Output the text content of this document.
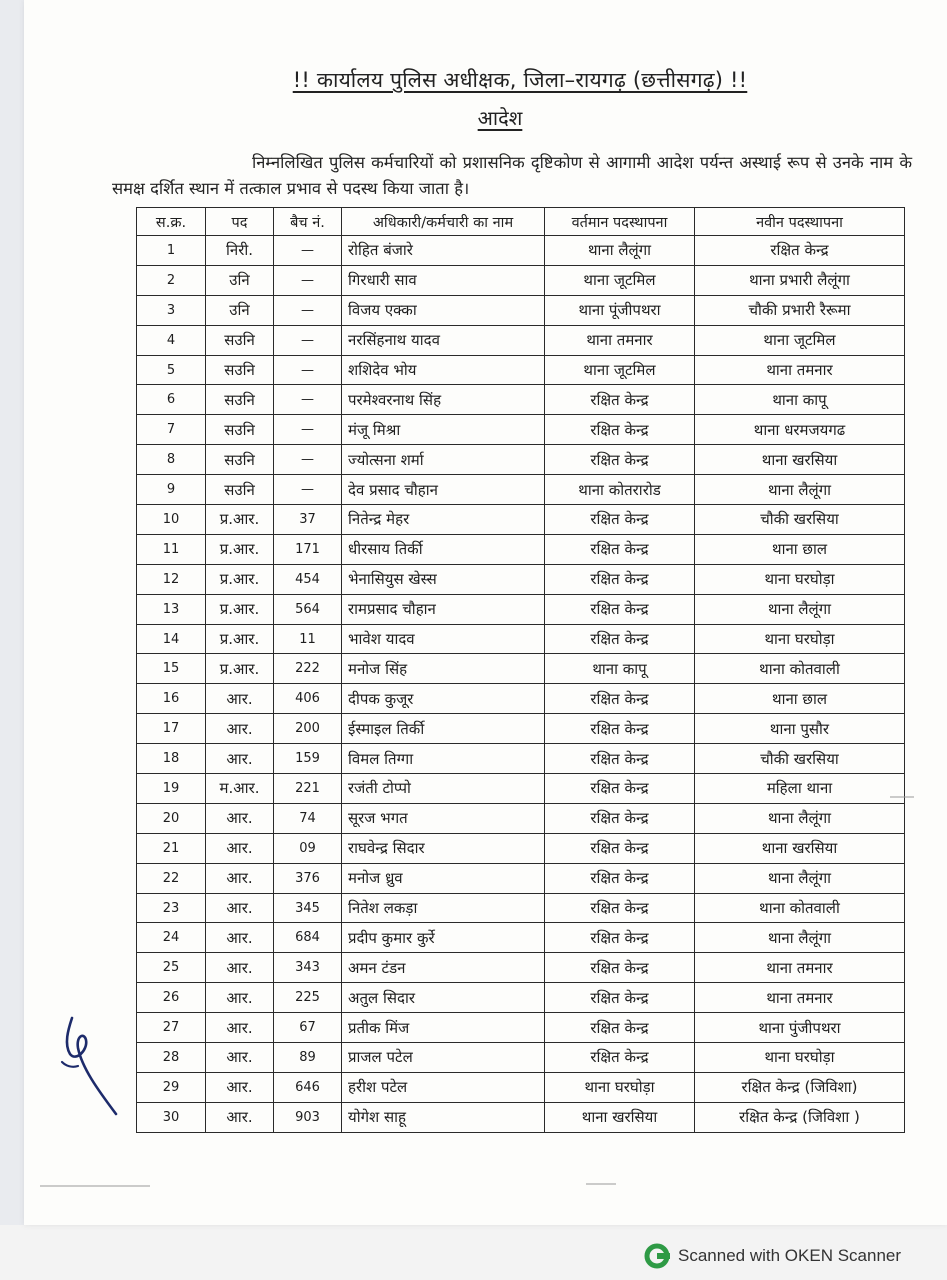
!! कार्यालय पुलिस अधीक्षक, जिला–रायगढ़ (छत्तीसगढ़) !!
आदेश
निम्नलिखित पुलिस कर्मचारियों को प्रशासनिक दृष्टिकोण से आगामी आदेश पर्यन्त अस्थाई रूप से उनके नाम के समक्ष दर्शित स्थान में तत्काल प्रभाव से पदस्थ किया जाता है।
स.क्र.	पद	बैच नं.	अधिकारी/कर्मचारी का नाम	वर्तमान पदस्थापना	नवीन पदस्थापना
1	निरी.	—	रोहित बंजारे	थाना लैलूंगा	रक्षित केन्द्र
2	उनि	—	गिरधारी साव	थाना जूटमिल	थाना प्रभारी लैलूंगा
3	उनि	—	विजय एक्का	थाना पूंजीपथरा	चौकी प्रभारी रैरूमा
4	सउनि	—	नरसिंहनाथ यादव	थाना तमनार	थाना जूटमिल
5	सउनि	—	शशिदेव भोय	थाना जूटमिल	थाना तमनार
6	सउनि	—	परमेश्वरनाथ सिंह	रक्षित केन्द्र	थाना कापू
7	सउनि	—	मंजू मिश्रा	रक्षित केन्द्र	थाना धरमजयगढ
8	सउनि	—	ज्योत्सना शर्मा	रक्षित केन्द्र	थाना खरसिया
9	सउनि	—	देव प्रसाद चौहान	थाना कोतरारोड	थाना लैलूंगा
10	प्र.आर.	37	नितेन्द्र मेहर	रक्षित केन्द्र	चौकी खरसिया
11	प्र.आर.	171	धीरसाय तिर्की	रक्षित केन्द्र	थाना छाल
12	प्र.आर.	454	भेनासियुस खेस्स	रक्षित केन्द्र	थाना घरघोड़ा
13	प्र.आर.	564	रामप्रसाद चौहान	रक्षित केन्द्र	थाना लैलूंगा
14	प्र.आर.	11	भावेश यादव	रक्षित केन्द्र	थाना घरघोड़ा
15	प्र.आर.	222	मनोज सिंह	थाना कापू	थाना कोतवाली
16	आर.	406	दीपक कुजूर	रक्षित केन्द्र	थाना छाल
17	आर.	200	ईस्माइल तिर्की	रक्षित केन्द्र	थाना पुसौर
18	आर.	159	विमल तिग्गा	रक्षित केन्द्र	चौकी खरसिया
19	म.आर.	221	रजंती टोप्पो	रक्षित केन्द्र	महिला थाना
20	आर.	74	सूरज भगत	रक्षित केन्द्र	थाना लैलूंगा
21	आर.	09	राघवेन्द्र सिदार	रक्षित केन्द्र	थाना खरसिया
22	आर.	376	मनोज ध्रुव	रक्षित केन्द्र	थाना लैलूंगा
23	आर.	345	नितेश लकड़ा	रक्षित केन्द्र	थाना कोतवाली
24	आर.	684	प्रदीप कुमार कुर्रे	रक्षित केन्द्र	थाना लैलूंगा
25	आर.	343	अमन टंडन	रक्षित केन्द्र	थाना तमनार
26	आर.	225	अतुल सिदार	रक्षित केन्द्र	थाना तमनार
27	आर.	67	प्रतीक मिंज	रक्षित केन्द्र	थाना पुंजीपथरा
28	आर.	89	प्राजल पटेल	रक्षित केन्द्र	थाना घरघोड़ा
29	आर.	646	हरीश पटेल	थाना घरघोड़ा	रक्षित केन्द्र (जिविशा)
30	आर.	903	योगेश साहू	थाना खरसिया	रक्षित केन्द्र (जिविशा )
Scanned with OKEN Scanner
